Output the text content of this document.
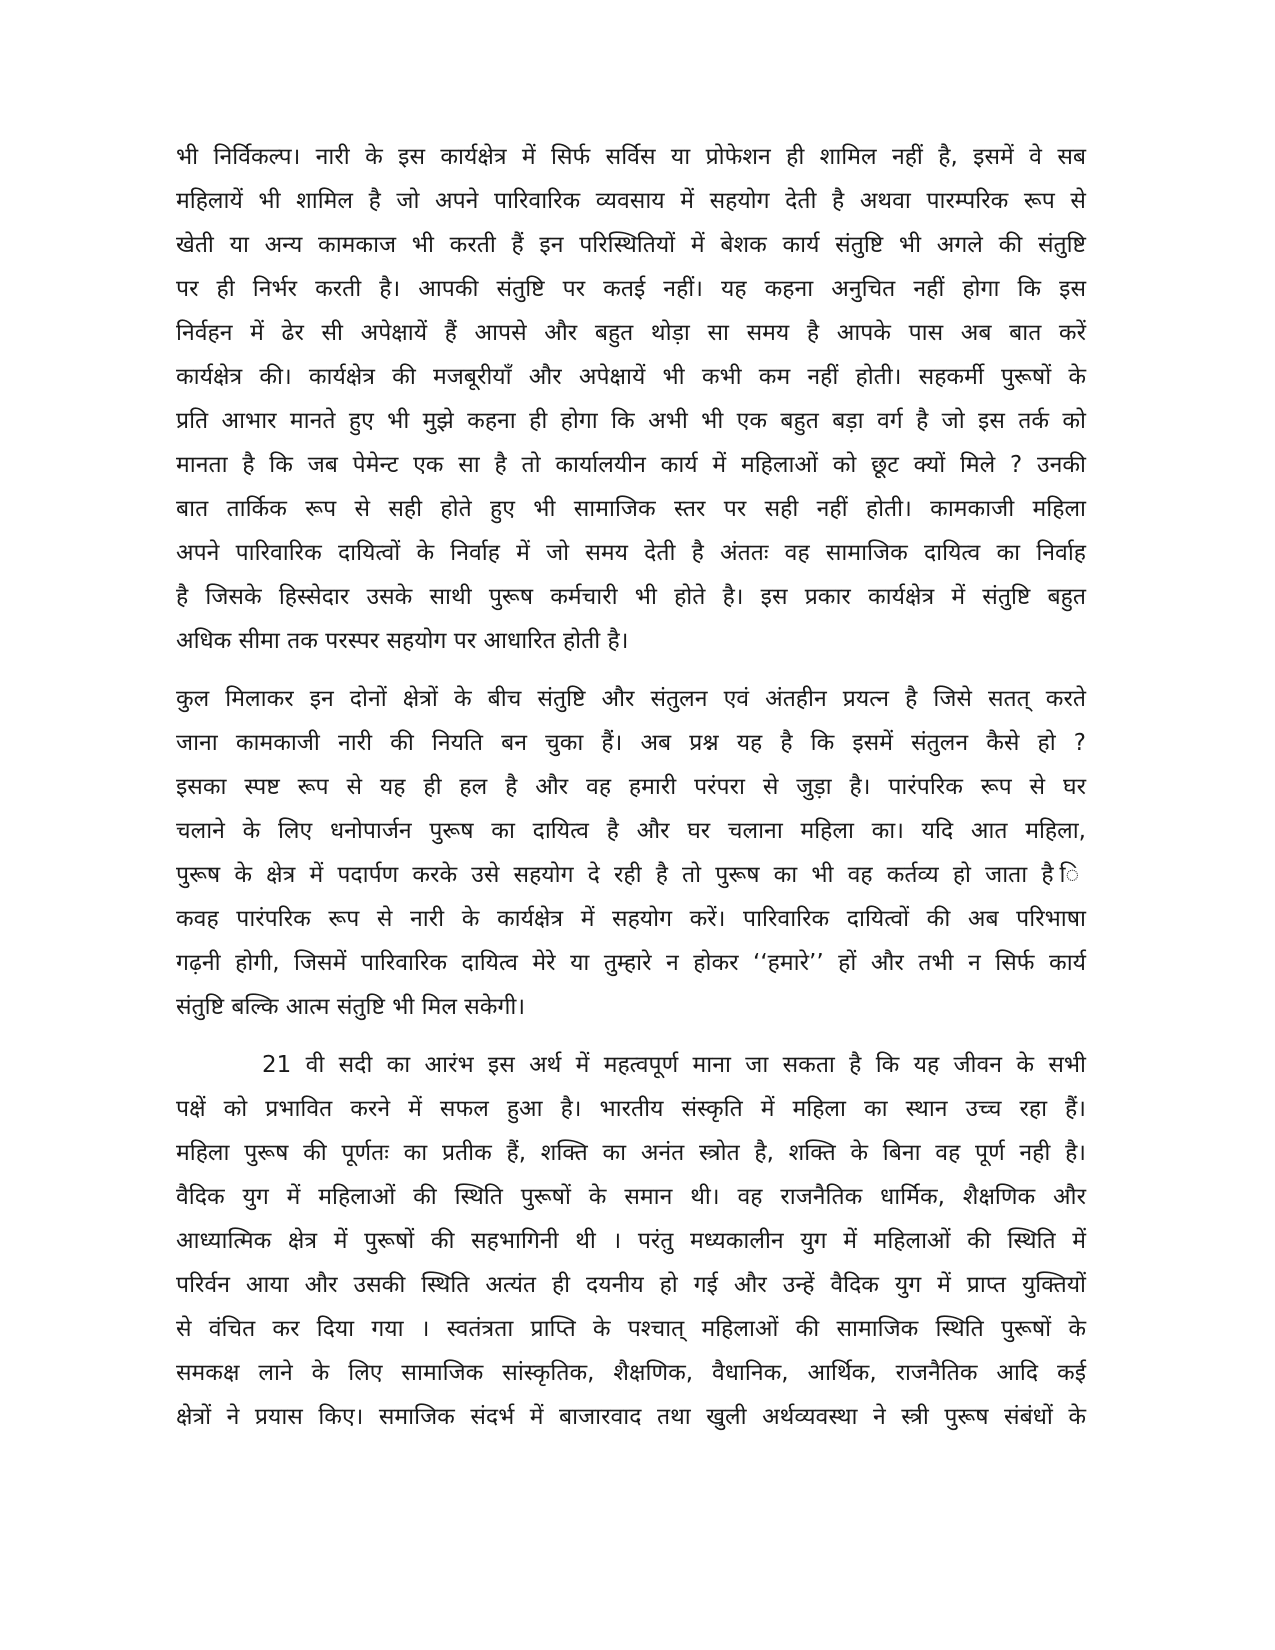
भी निर्विकल्प। नारी के इस कार्यक्षेत्र में सिर्फ सर्विस या प्रोफेशन ही शामिल नहीं है, इसमें वे सब
महिलायें भी शामिल है जो अपने पारिवारिक व्यवसाय में सहयोग देती है अथवा पारम्परिक रूप से
खेती या अन्य कामकाज भी करती हैं इन परिस्थितियों में बेशक कार्य संतुष्टि भी अगले की संतुष्टि
पर ही निर्भर करती है। आपकी संतुष्टि पर कतई नहीं। यह कहना अनुचित नहीं होगा कि इस
निर्वहन में ढेर सी अपेक्षायें हैं आपसे और बहुत थोड़ा सा समय है आपके पास अब बात करें
कार्यक्षेत्र की। कार्यक्षेत्र की मजबूरीयॉं और अपेक्षायें भी कभी कम नहीं होती। सहकर्मी पुरूषों के
प्रति आभार मानते हुए भी मुझे कहना ही होगा कि अभी भी एक बहुत बड़ा वर्ग है जो इस तर्क को
मानता है कि जब पेमेन्ट एक सा है तो कार्यालयीन कार्य में महिलाओं को छूट क्यों मिले ? उनकी
बात तार्किक रूप से सही होते हुए भी सामाजिक स्तर पर सही नहीं होती। कामकाजी महिला
अपने पारिवारिक दायित्वों के निर्वाह में जो समय देती है अंततः वह सामाजिक दायित्व का निर्वाह
है जिसके हिस्सेदार उसके साथी पुरूष कर्मचारी भी होते है। इस प्रकार कार्यक्षेत्र में संतुष्टि बहुत
अधिक सीमा तक परस्पर सहयोग पर आधारित होती है।
कुल मिलाकर इन दोनों क्षेत्रों के बीच संतुष्टि और संतुलन एवं अंतहीन प्रयत्न है जिसे सतत् करते
जाना कामकाजी नारी की नियति बन चुका हैं। अब प्रश्न यह है कि इसमें संतुलन कैसे हो ?
इसका स्पष्ट रूप से यह ही हल है और वह हमारी परंपरा से जुड़ा है। पारंपरिक रूप से घर
चलाने के लिए धनोपार्जन पुरूष का दायित्व है और घर चलाना महिला का। यदि आत महिला,
पुरूष के क्षेत्र में पदार्पण करके उसे सहयोग दे रही है तो पुरूष का भी वह कर्तव्य हो जाता है ि
कवह पारंपरिक रूप से नारी के कार्यक्षेत्र में सहयोग करें। पारिवारिक दायित्वों की अब परिभाषा
गढ़नी होगी, जिसमें पारिवारिक दायित्व मेरे या तुम्हारे न होकर ‘‘हमारे’’ हों और तभी न सिर्फ कार्य
संतुष्टि बल्कि आत्म संतुष्टि भी मिल सकेगी।
21 वी सदी का आरंभ इस अर्थ में महत्वपूर्ण माना जा सकता है कि यह जीवन के सभी
पक्षें को प्रभावित करने में सफल हुआ है। भारतीय संस्कृति में महिला का स्थान उच्च रहा हैं।
महिला पुरूष की पूर्णतः का प्रतीक हैं, शक्ति का अनंत स्त्रोत है, शक्ति के बिना वह पूर्ण नही है।
वैदिक युग में महिलाओं की स्थिति पुरूषों के समान थी। वह राजनैतिक धार्मिक, शैक्षणिक और
आध्यात्मिक क्षेत्र में पुरूषों की सहभागिनी थी । परंतु मध्यकालीन युग में महिलाओं की स्थिति में
परिर्वन आया और उसकी स्थिति अत्यंत ही दयनीय हो गई और उन्हें वैदिक युग में प्राप्त युक्तियों
से वंचित कर दिया गया । स्वतंत्रता प्राप्ति के पश्चात् महिलाओं की सामाजिक स्थिति पुरूषों के
समकक्ष लाने के लिए सामाजिक सांस्कृतिक, शैक्षणिक, वैधानिक, आर्थिक, राजनैतिक आदि कई
क्षेत्रों ने प्रयास किए। समाजिक संदर्भ में बाजारवाद तथा खुली अर्थव्यवस्था ने स्त्री पुरूष संबंधों के
